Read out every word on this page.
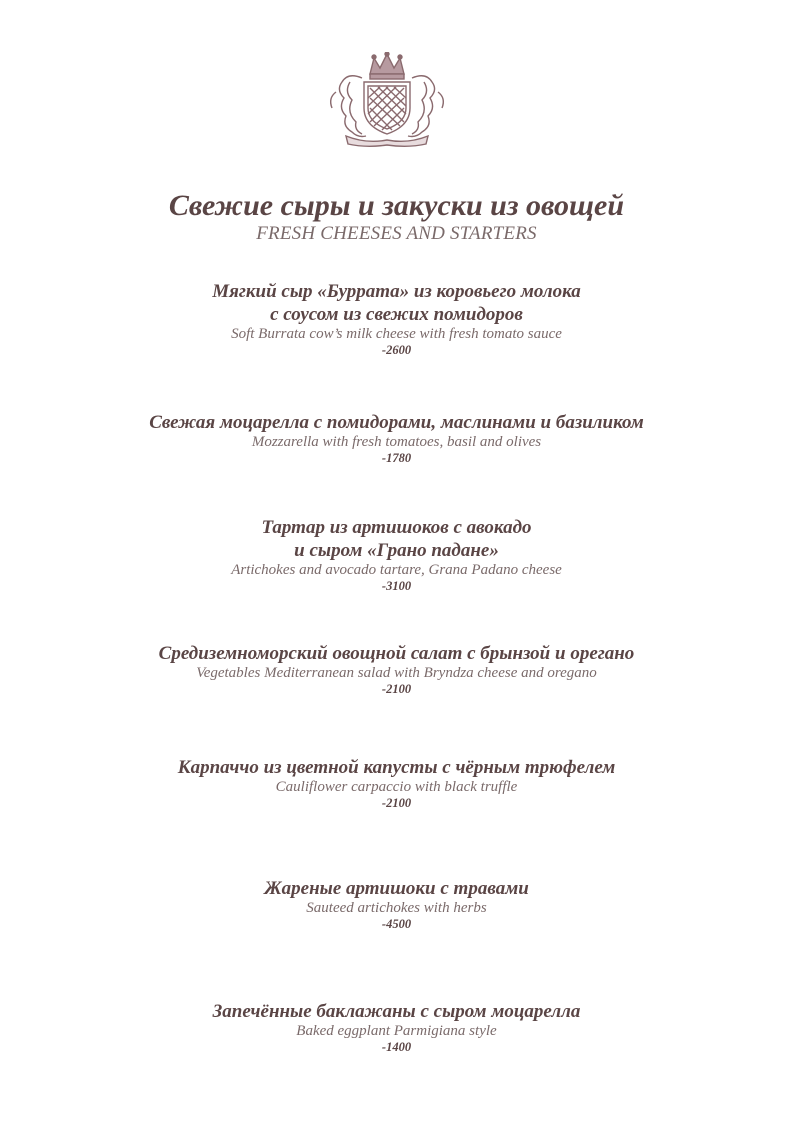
Свежие сыры и закуски из овощей
FRESH CHEESES AND STARTERS
Мягкий сыр «Буррата» из коровьего молока
с соусом из свежих помидоров
Soft Burrata cow’s milk cheese with fresh tomato sauce
-2600
Свежая моцарелла с помидорами, маслинами и базиликом
Mozzarella with fresh tomatoes, basil and olives
-1780
Тартар из артишоков с авокадо
и сыром «Грано падане»
Artichokes and avocado tartare, Grana Padano cheese
-3100
Средиземноморский овощной салат с брынзой и орегано
Vegetables Mediterranean salad with Bryndza cheese and oregano
-2100
Карпаччо из цветной капусты с чёрным трюфелем
Cauliflower carpaccio with black truffle
-2100
Жареные артишоки с травами
Sauteed artichokes with herbs
-4500
Запечённые баклажаны с сыром моцарелла
Baked eggplant Parmigiana style
-1400
